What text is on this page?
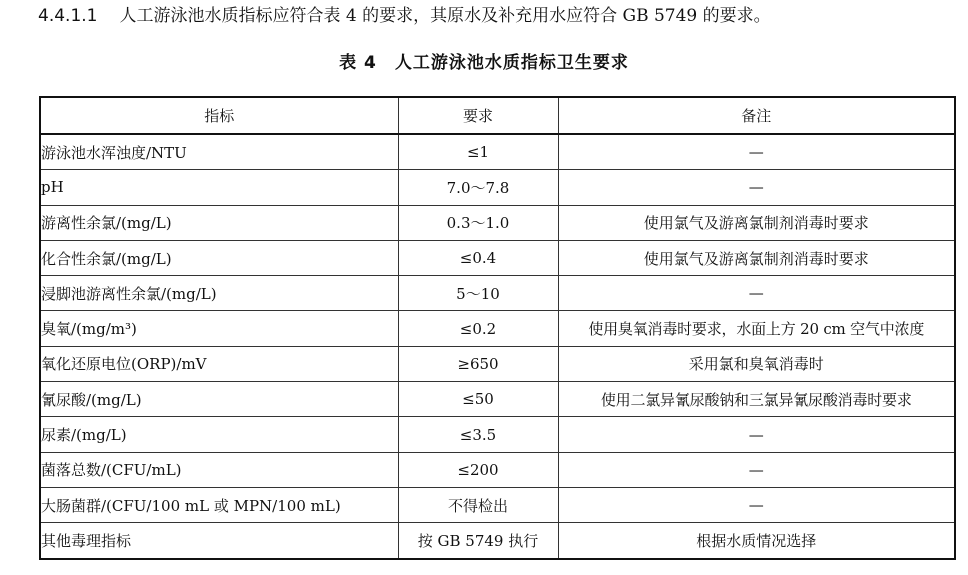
4.4.1.1 人工游泳池水质指标应符合表 4 的要求，其原水及补充用水应符合 GB 5749 的要求。
表 4 人工游泳池水质指标卫生要求
指标	要求	备注
游泳池水浑浊度/NTU	≤1	—
pH	7.0～7.8	—
游离性余氯/(mg/L)	0.3～1.0	使用氯气及游离氯制剂消毒时要求
化合性余氯/(mg/L)	≤0.4	使用氯气及游离氯制剂消毒时要求
浸脚池游离性余氯/(mg/L)	5～10	—
臭氧/(mg/m³)	≤0.2	使用臭氧消毒时要求，水面上方 20 cm 空气中浓度
氧化还原电位(ORP)/mV	≥650	采用氯和臭氧消毒时
氰尿酸/(mg/L)	≤50	使用二氯异氰尿酸钠和三氯异氰尿酸消毒时要求
尿素/(mg/L)	≤3.5	—
菌落总数/(CFU/mL)	≤200	—
大肠菌群/(CFU/100 mL 或 MPN/100 mL)	不得检出	—
其他毒理指标	按 GB 5749 执行	根据水质情况选择
